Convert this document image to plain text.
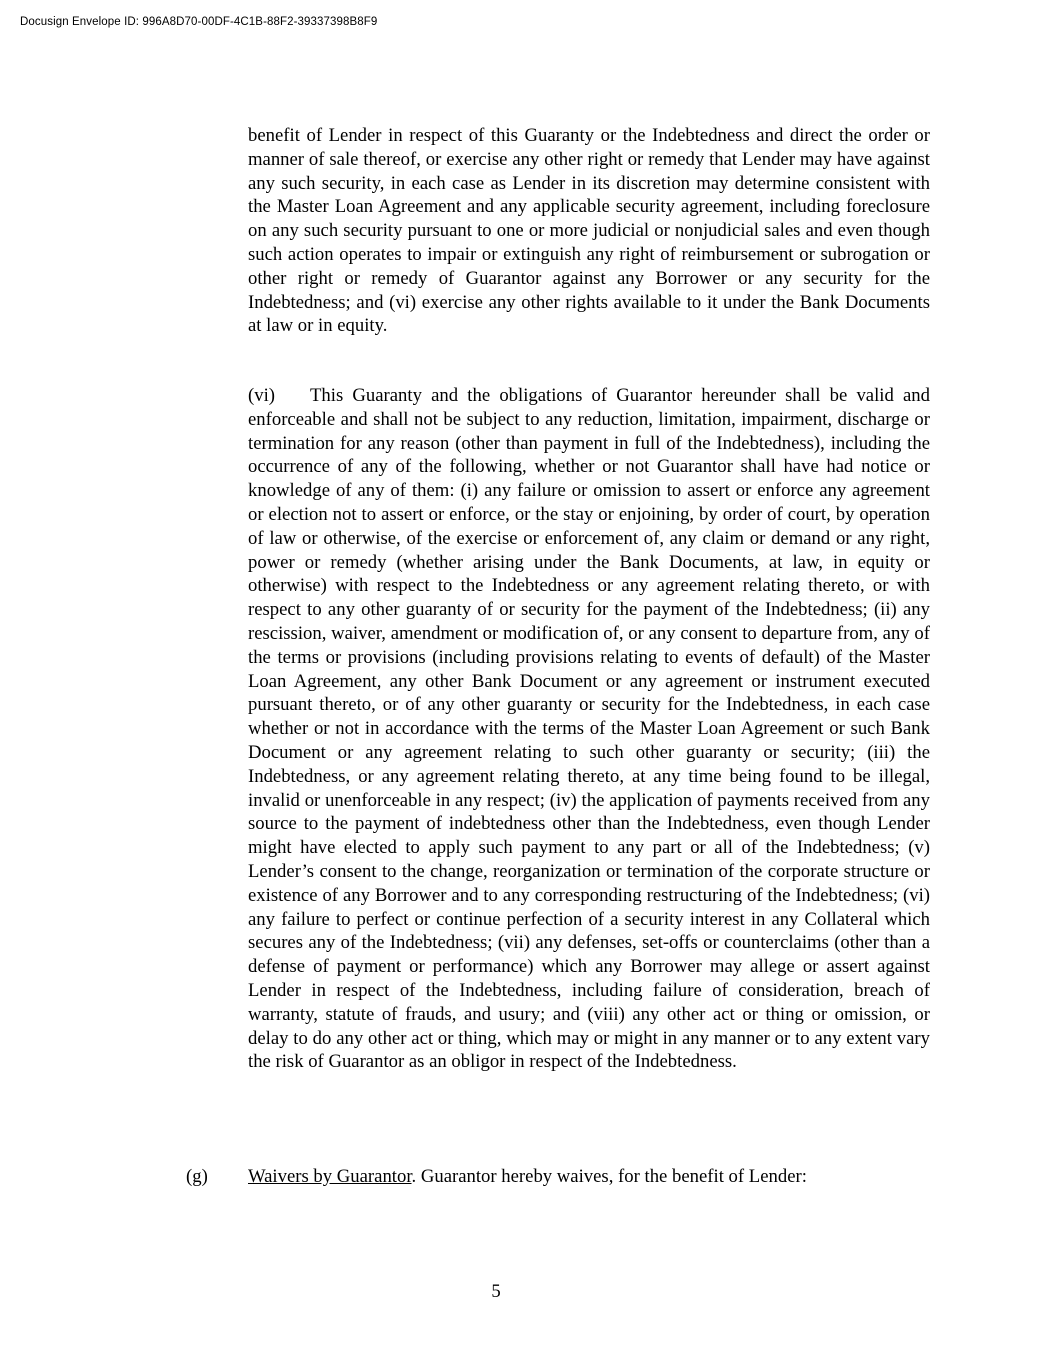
Docusign Envelope ID: 996A8D70-00DF-4C1B-88F2-39337398B8F9

benefit of Lender in respect of this Guaranty or the Indebtedness and direct the order or manner of sale thereof, or exercise any other right or remedy that Lender may have against any such security, in each case as Lender in its discretion may determine consistent with the Master Loan Agreement and any applicable security agreement, including foreclosure on any such security pursuant to one or more judicial or nonjudicial sales and even though such action operates to impair or extinguish any right of reimbursement or subrogation or other right or remedy of Guarantor against any Borrower or any security for the Indebtedness; and (vi) exercise any other rights available to it under the Bank Documents at law or in equity.

(vi) This Guaranty and the obligations of Guarantor hereunder shall be valid and enforceable and shall not be subject to any reduction, limitation, impairment, discharge or termination for any reason (other than payment in full of the Indebtedness), including the occurrence of any of the following, whether or not Guarantor shall have had notice or knowledge of any of them: (i) any failure or omission to assert or enforce any agreement or election not to assert or enforce, or the stay or enjoining, by order of court, by operation of law or otherwise, of the exercise or enforcement of, any claim or demand or any right, power or remedy (whether arising under the Bank Documents, at law, in equity or otherwise) with respect to the Indebtedness or any agreement relating thereto, or with respect to any other guaranty of or security for the payment of the Indebtedness; (ii) any rescission, waiver, amendment or modification of, or any consent to departure from, any of the terms or provisions (including provisions relating to events of default) of the Master Loan Agreement, any other Bank Document or any agreement or instrument executed pursuant thereto, or of any other guaranty or security for the Indebtedness, in each case whether or not in accordance with the terms of the Master Loan Agreement or such Bank Document or any agreement relating to such other guaranty or security; (iii) the Indebtedness, or any agreement relating thereto, at any time being found to be illegal, invalid or unenforceable in any respect; (iv) the application of payments received from any source to the payment of indebtedness other than the Indebtedness, even though Lender might have elected to apply such payment to any part or all of the Indebtedness; (v) Lender’s consent to the change, reorganization or termination of the corporate structure or existence of any Borrower and to any corresponding restructuring of the Indebtedness; (vi) any failure to perfect or continue perfection of a security interest in any Collateral which secures any of the Indebtedness; (vii) any defenses, set-offs or counterclaims (other than a defense of payment or performance) which any Borrower may allege or assert against Lender in respect of the Indebtedness, including failure of consideration, breach of warranty, statute of frauds, and usury; and (viii) any other act or thing or omission, or delay to do any other act or thing, which may or might in any manner or to any extent vary the risk of Guarantor as an obligor in respect of the Indebtedness.

(g) Waivers by Guarantor. Guarantor hereby waives, for the benefit of Lender:
5
